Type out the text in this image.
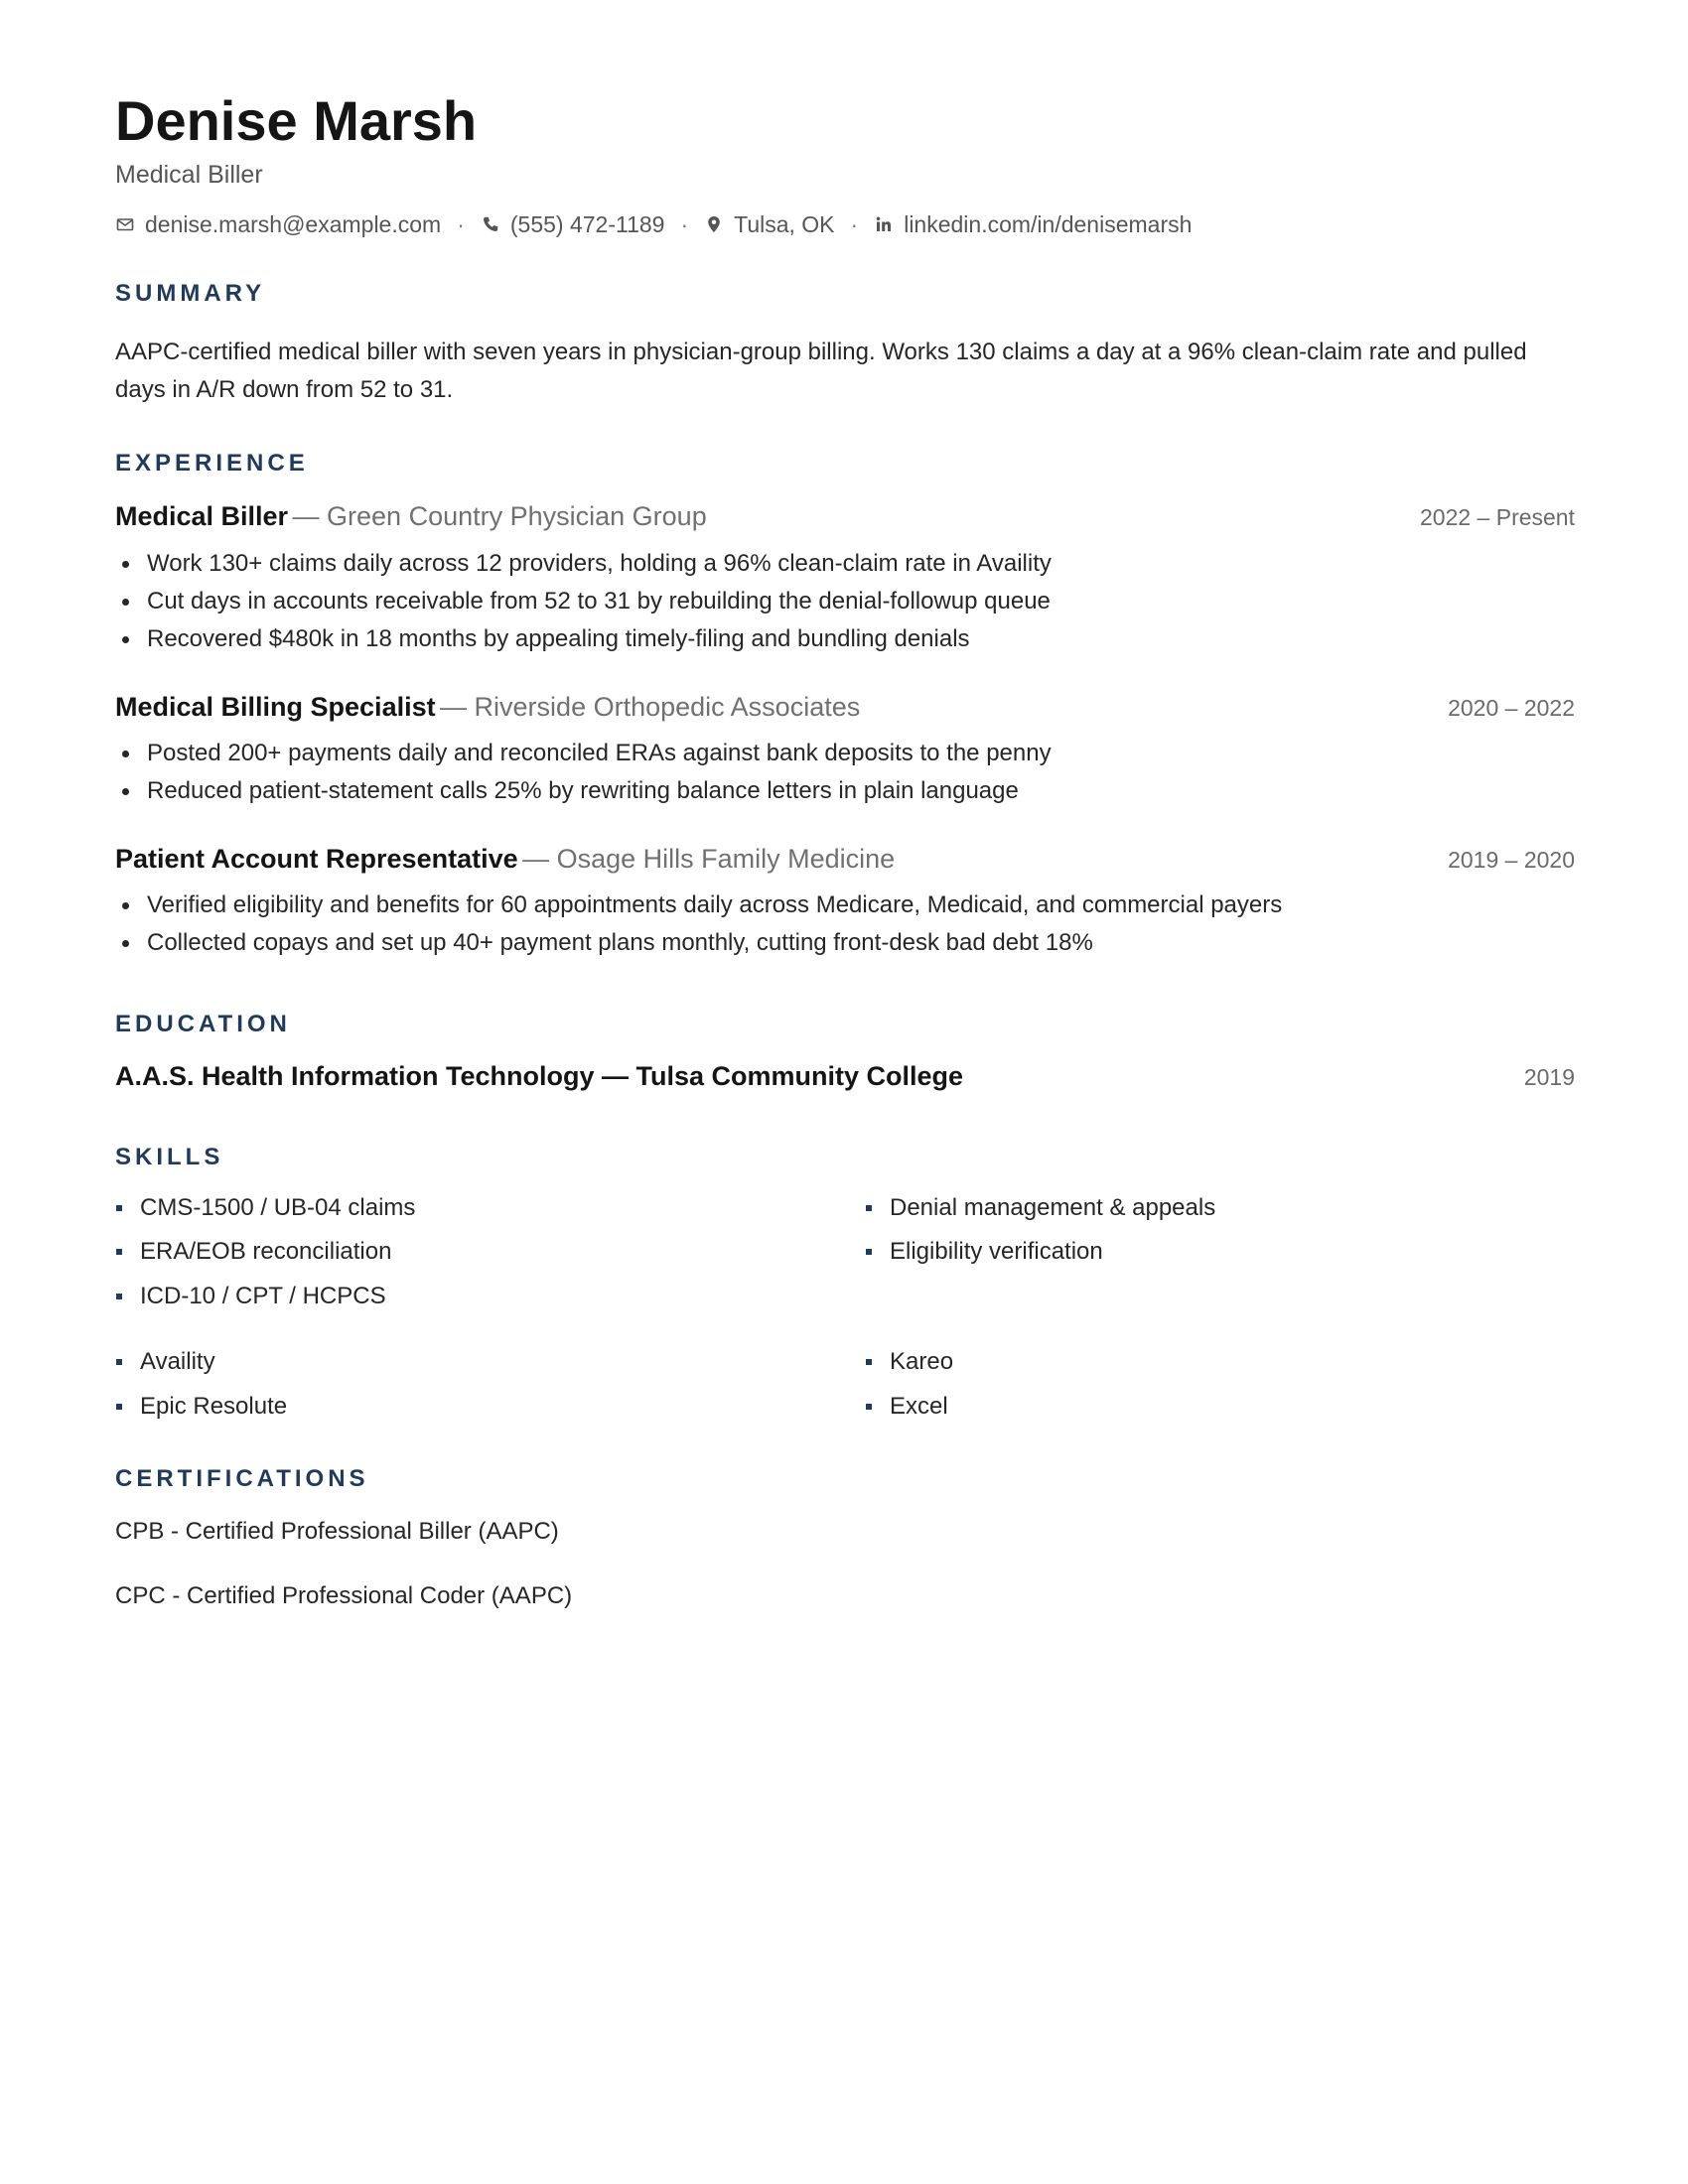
Denise Marsh
Medical Biller
denise.marsh@example.com · (555) 472-1189 · Tulsa, OK · linkedin.com/in/denisemarsh
SUMMARY
AAPC-certified medical biller with seven years in physician-group billing. Works 130 claims a day at a 96% clean-claim rate and pulled days in A/R down from 52 to 31.
EXPERIENCE
Medical Biller — Green Country Physician Group	2022 – Present
Work 130+ claims daily across 12 providers, holding a 96% clean-claim rate in Availity
Cut days in accounts receivable from 52 to 31 by rebuilding the denial-followup queue
Recovered $480k in 18 months by appealing timely-filing and bundling denials
Medical Billing Specialist — Riverside Orthopedic Associates	2020 – 2022
Posted 200+ payments daily and reconciled ERAs against bank deposits to the penny
Reduced patient-statement calls 25% by rewriting balance letters in plain language
Patient Account Representative — Osage Hills Family Medicine	2019 – 2020
Verified eligibility and benefits for 60 appointments daily across Medicare, Medicaid, and commercial payers
Collected copays and set up 40+ payment plans monthly, cutting front-desk bad debt 18%
EDUCATION
A.A.S. Health Information Technology — Tulsa Community College	2019
SKILLS
CMS-1500 / UB-04 claims	Denial management & appeals
ERA/EOB reconciliation	Eligibility verification
ICD-10 / CPT / HCPCS
Availity	Kareo
Epic Resolute	Excel
CERTIFICATIONS
CPB - Certified Professional Biller (AAPC)
CPC - Certified Professional Coder (AAPC)
